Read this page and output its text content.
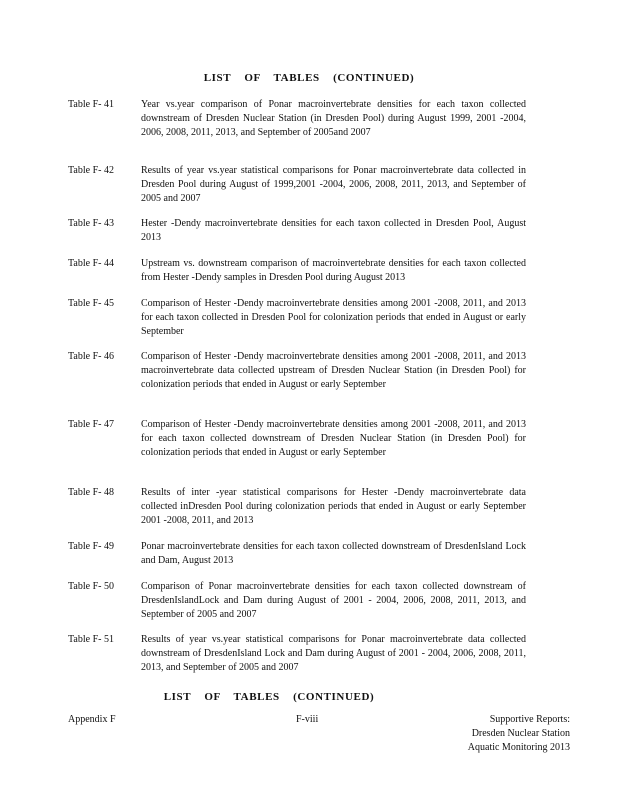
LIST OF TABLES (CONTINUED)
Table F- 41	Year vs.year comparison of Ponar macroinvertebrate densities for each taxon collected downstream of Dresden Nuclear Station (in Dresden Pool) during August 1999, 2001 -2004, 2006, 2008, 2011, 2013, and September of 2005and 2007
Table F- 42	Results of year vs.year statistical comparisons for Ponar macroinvertebrate data collected in Dresden Pool during August of 1999,2001 -2004, 2006, 2008, 2011, 2013, and September of 2005 and 2007
Table F- 43	Hester -Dendy macroinvertebrate densities for each taxon collected in Dresden Pool, August 2013
Table F- 44	Upstream vs. downstream comparison of macroinvertebrate densities for each taxon collected from Hester -Dendy samples in Dresden Pool during August 2013
Table F- 45	Comparison of Hester -Dendy macroinvertebrate densities among 2001 -2008, 2011, and 2013 for each taxon collected in Dresden Pool for colonization periods that ended in August or early September
Table F- 46	Comparison of Hester -Dendy macroinvertebrate densities among 2001 -2008, 2011, and 2013 macroinvertebrate data collected upstream of Dresden Nuclear Station (in Dresden Pool) for colonization periods that ended in August or early September
Table F- 47	Comparison of Hester -Dendy macroinvertebrate densities among 2001 -2008, 2011, and 2013 for each taxon collected downstream of Dresden Nuclear Station (in Dresden Pool) for colonization periods that ended in August or early September
Table F- 48	Results of inter -year statistical comparisons for Hester -Dendy macroinvertebrate data collected inDresden Pool during colonization periods that ended in August or early September 2001 -2008, 2011, and 2013
Table F- 49	Ponar macroinvertebrate densities for each taxon collected downstream of DresdenIsland Lock and Dam, August 2013
Table F- 50	Comparison of Ponar macroinvertebrate densities for each taxon collected downstream of DresdenIslandLock and Dam during August of 2001 - 2004, 2006, 2008, 2011, 2013, and September of 2005 and 2007
Table F- 51	Results of year vs.year statistical comparisons for Ponar macroinvertebrate data collected downstream of DresdenIsland Lock and Dam during August of 2001 - 2004, 2006, 2008, 2011, 2013, and September of 2005 and 2007
LIST OF TABLES (CONTINUED)
Appendix F	F-viii	Supportive Reports:
Dresden Nuclear Station
Aquatic Monitoring 2013
